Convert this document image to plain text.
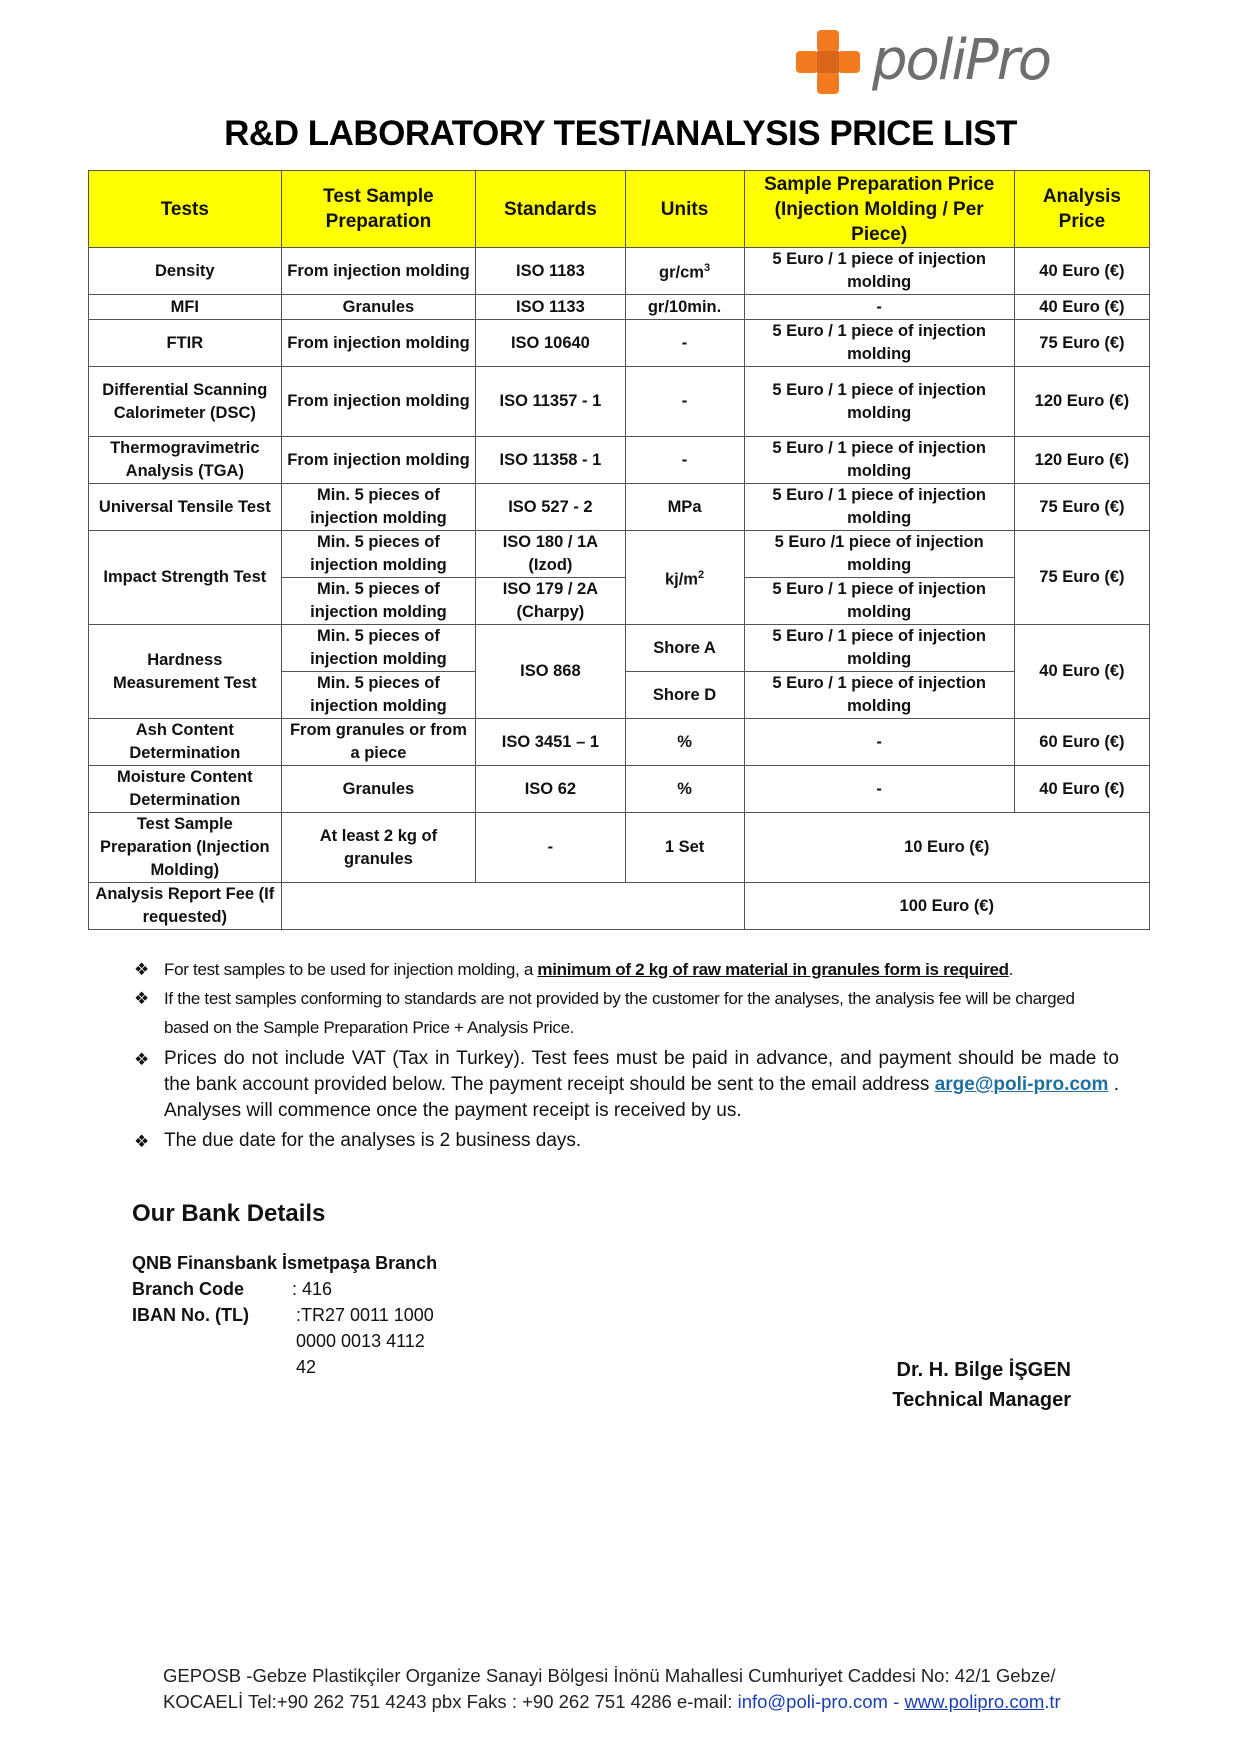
poliPro
R&D LABORATORY TEST/ANALYSIS PRICE LIST
Tests	Test Sample Preparation	Standards	Units	Sample Preparation Price (Injection Molding / Per Piece)	Analysis Price
Density	From injection molding	ISO 1183	$gr/cm^3$	5 Euro / 1 piece of injection molding	40 Euro (€)
MFI	Granules	ISO 1133	gr/10min.	-	40 Euro (€)
FTIR	From injection molding	ISO 10640	-	5 Euro / 1 piece of injection molding	75 Euro (€)
Differential Scanning Calorimeter (DSC)	From injection molding	ISO 11357 - 1	-	5 Euro / 1 piece of injection molding	120 Euro (€)
Thermogravimetric Analysis (TGA)	From injection molding	ISO 11358 - 1	-	5 Euro / 1 piece of injection molding	120 Euro (€)
Universal Tensile Test	Min. 5 pieces of injection molding	ISO 527 - 2	MPa	5 Euro / 1 piece of injection molding	75 Euro (€)
Impact Strength Test	Min. 5 pieces of injection molding	ISO 180 / 1A (Izod)	$kj/m^2$	5 Euro /1 piece of injection molding	75 Euro (€)
	Min. 5 pieces of injection molding	ISO 179 / 2A (Charpy)		5 Euro / 1 piece of injection molding	
Hardness Measurement Test	Min. 5 pieces of injection molding	ISO 868	Shore A	5 Euro / 1 piece of injection molding	40 Euro (€)
	Min. 5 pieces of injection molding		Shore D	5 Euro / 1 piece of injection molding	
Ash Content Determination	From granules or from a piece	ISO 3451 – 1	%	-	60 Euro (€)
Moisture Content Determination	Granules	ISO 62	%	-	40 Euro (€)
Test Sample Preparation (Injection Molding)	At least 2 kg of granules	-	1 Set	10 Euro (€)	
Analysis Report Fee (If requested)				100 Euro (€)	
❖ For test samples to be used for injection molding, a minimum of 2 kg of raw material in granules form is required.
❖ If the test samples conforming to standards are not provided by the customer for the analyses, the analysis fee will be charged based on the Sample Preparation Price + Analysis Price.
❖ Prices do not include VAT (Tax in Turkey). Test fees must be paid in advance, and payment should be made to the bank account provided below. The payment receipt should be sent to the email address arge@poli-pro.com . Analyses will commence once the payment receipt is received by us.
❖ The due date for the analyses is 2 business days.
Our Bank Details
QNB Finansbank İsmetpaşa Branch
Branch Code	: 416
IBAN No. (TL)	:TR27 0011 1000 0000 0013 4112 42	Dr. H. Bilge İŞGEN
Technical Manager
GEPOSB -Gebze Plastikçiler Organize Sanayi Bölgesi İnönü Mahallesi Cumhuriyet Caddesi No: 42/1 Gebze/
KOCAELİ Tel:+90 262 751 4243 pbx Faks : +90 262 751 4286 e-mail: info@poli-pro.com - www.polipro.com.tr
